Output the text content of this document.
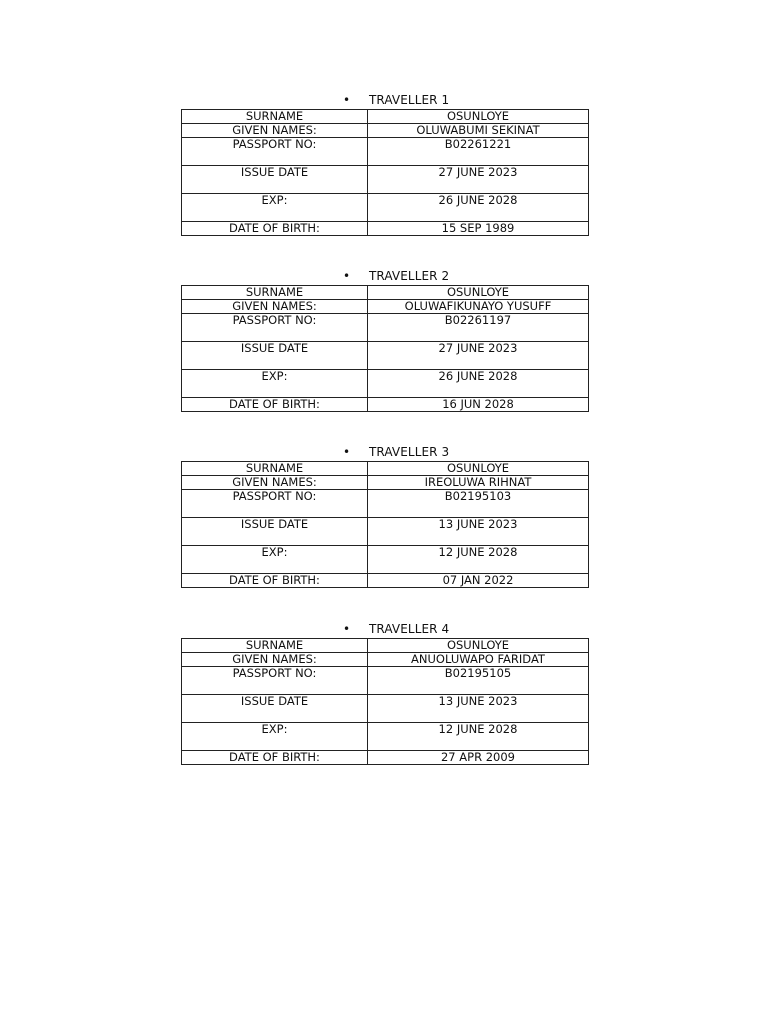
• TRAVELLER 1
SURNAME	OSUNLOYE
GIVEN NAMES:	OLUWABUMI SEKINAT
PASSPORT NO:	B02261221
ISSUE DATE	27 JUNE 2023
EXP:	26 JUNE 2028
DATE OF BIRTH:	15 SEP 1989
• TRAVELLER 2
SURNAME	OSUNLOYE
GIVEN NAMES:	OLUWAFIKUNAYO YUSUFF
PASSPORT NO:	B02261197
ISSUE DATE	27 JUNE 2023
EXP:	26 JUNE 2028
DATE OF BIRTH:	16 JUN 2028
• TRAVELLER 3
SURNAME	OSUNLOYE
GIVEN NAMES:	IREOLUWA RIHNAT
PASSPORT NO:	B02195103
ISSUE DATE	13 JUNE 2023
EXP:	12 JUNE 2028
DATE OF BIRTH:	07 JAN 2022
• TRAVELLER 4
SURNAME	OSUNLOYE
GIVEN NAMES:	ANUOLUWAPO FARIDAT
PASSPORT NO:	B02195105
ISSUE DATE	13 JUNE 2023
EXP:	12 JUNE 2028
DATE OF BIRTH:	27 APR 2009
